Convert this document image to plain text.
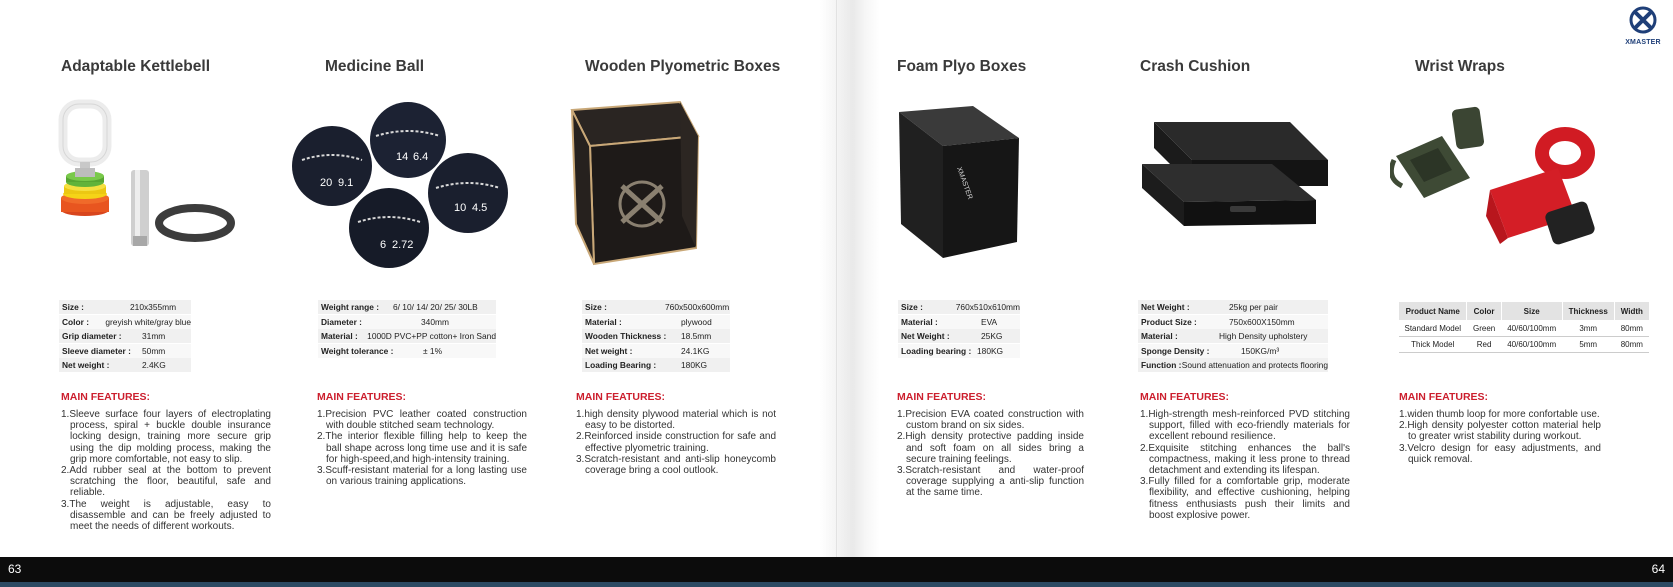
XMASTER
Adaptable Kettlebell
Size :	210x355mm
Color :	greyish white/gray blue
Grip diameter :	31mm
Sleeve diameter :	50mm
Net weight :	2.4KG
MAIN FEATURES:
1.Sleeve surface four layers of electroplating process, spiral + buckle double insurance locking design, training more secure grip using the dip molding process, making the grip more comfortable, not easy to slip.
2.Add rubber seal at the bottom to prevent scratching the floor, beautiful, safe and reliable.
3.The weight is adjustable, easy to disassemble and can be freely adjusted to meet the needs of different workouts.
Medicine Ball
20 9.1
14 6.4
6 2.72
10 4.5
Weight range :	6/ 10/ 14/ 20/ 25/ 30LB
Diameter :	340mm
Material :	1000D PVC+PP cotton+ Iron Sand
Weight tolerance :	± 1%
MAIN FEATURES:
1.Precision PVC leather coated construction with double stitched seam technology.
2.The interior flexible filling help to keep the ball shape across long time use and it is safe for high-speed,and high-intensity training.
3.Scuff-resistant material for a long lasting use on various training applications.
Wooden Plyometric Boxes
Size :	760x500x600mm
Material :	plywood
Wooden Thickness :	18.5mm
Net weight :	24.1KG
Loading Bearing :	180KG
MAIN FEATURES:
1.high density plywood material which is not easy to be distorted.
2.Reinforced inside construction for safe and effective plyometric training.
3.Scratch-resistant and anti-slip honeycomb coverage bring a cool outlook.
Foam Plyo Boxes
XMASTER
Size :	760x510x610mm
Material :	EVA
Net Weight :	25KG
Loading bearing : 180KG
MAIN FEATURES:
1.Precision EVA coated construction with custom brand on six sides.
2.High density protective padding inside and soft foam on all sides bring a secure training feelings.
3.Scratch-resistant and water-proof coverage supplying a anti-slip function at the same time.
Crash Cushion
Net Weight :	25kg per pair
Product Size :	750x600X150mm
Material :	High Density upholstery
Sponge Density :	150KG/m³
Function : Sound attenuation and protects flooring
MAIN FEATURES:
1.High-strength mesh-reinforced PVD stitching support, filled with eco-friendly materials for excellent rebound resilience.
2.Exquisite stitching enhances the ball's compactness, making it less prone to thread detachment and extending its lifespan.
3.Fully filled for a comfortable grip, moderate flexibility, and effective cushioning, helping fitness enthusiasts push their limits and boost explosive power.
Wrist Wraps
Product Name	Color	Size	Thickness	Width
Standard Model	Green	40/60/100mm	3mm	80mm
Thick Model	Red	40/60/100mm	5mm	80mm
MAIN FEATURES:
1.widen thumb loop for more confortable use.
2.High density polyester cotton material help to greater wrist stability during workout.
3.Velcro design for easy adjustments, and quick removal.
63	64
